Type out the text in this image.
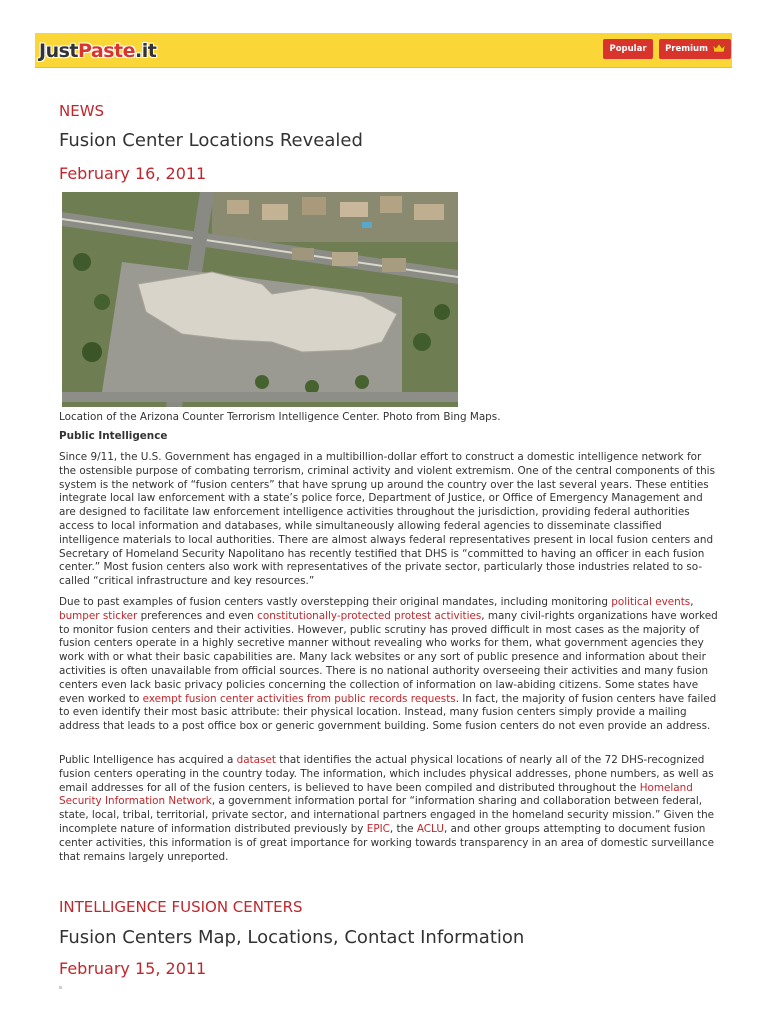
JustPaste.it	Popular	Premium
NEWS
Fusion Center Locations Revealed
February 16, 2011
Location of the Arizona Counter Terrorism Intelligence Center. Photo from Bing Maps.

Public Intelligence

Since 9/11, the U.S. Government has engaged in a multibillion-dollar effort to construct a domestic intelligence network for the ostensible purpose of combating terrorism, criminal activity and violent extremism. One of the central components of this system is the network of “fusion centers” that have sprung up around the country over the last several years. These entities integrate local law enforcement with a state’s police force, Department of Justice, or Office of Emergency Management and are designed to facilitate law enforcement intelligence activities throughout the jurisdiction, providing federal authorities access to local information and databases, while simultaneously allowing federal agencies to disseminate classified intelligence materials to local authorities. There are almost always federal representatives present in local fusion centers and Secretary of Homeland Security Napolitano has recently testified that DHS is “committed to having an officer in each fusion center.” Most fusion centers also work with representatives of the private sector, particularly those industries related to so-called “critical infrastructure and key resources.”

Due to past examples of fusion centers vastly overstepping their original mandates, including monitoring political events, bumper sticker preferences and even constitutionally-protected protest activities, many civil-rights organizations have worked to monitor fusion centers and their activities. However, public scrutiny has proved difficult in most cases as the majority of fusion centers operate in a highly secretive manner without revealing who works for them, what government agencies they work with or what their basic capabilities are. Many lack websites or any sort of public presence and information about their activities is often unavailable from official sources. There is no national authority overseeing their activities and many fusion centers even lack basic privacy policies concerning the collection of information on law-abiding citizens. Some states have even worked to exempt fusion center activities from public records requests. In fact, the majority of fusion centers have failed to even identify their most basic attribute: their physical location. Instead, many fusion centers simply provide a mailing address that leads to a post office box or generic government building. Some fusion centers do not even provide an address.

Public Intelligence has acquired a dataset that identifies the actual physical locations of nearly all of the 72 DHS-recognized fusion centers operating in the country today. The information, which includes physical addresses, phone numbers, as well as email addresses for all of the fusion centers, is believed to have been compiled and distributed throughout the Homeland Security Information Network, a government information portal for “information sharing and collaboration between federal, state, local, tribal, territorial, private sector, and international partners engaged in the homeland security mission.” Given the incomplete nature of information distributed previously by EPIC, the ACLU, and other groups attempting to document fusion center activities, this information is of great importance for working towards transparency in an area of domestic surveillance that remains largely unreported.

INTELLIGENCE FUSION CENTERS
Fusion Centers Map, Locations, Contact Information
February 15, 2011
